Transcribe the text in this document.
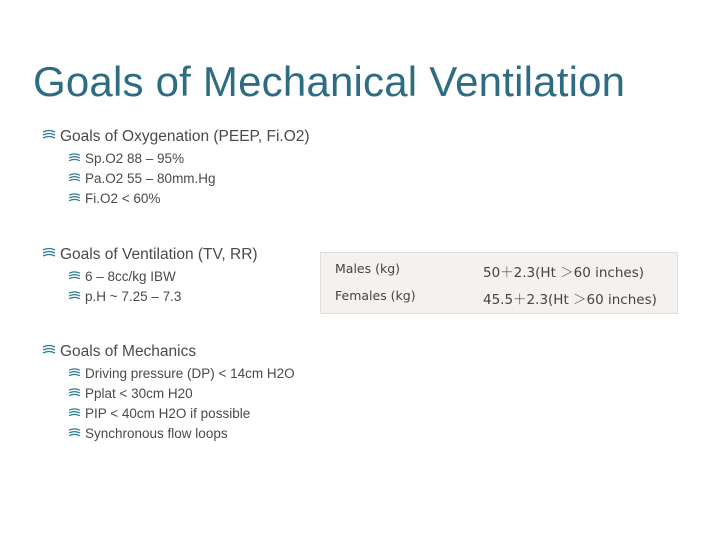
Goals of Mechanical Ventilation
Goals of Oxygenation (PEEP, Fi.O2)
Sp.O2 88 – 95%
Pa.O2 55 – 80mm.Hg
Fi.O2 < 60%
Goals of Ventilation (TV, RR)
6 – 8cc/kg IBW
p.H ~ 7.25 – 7.3
Males (kg)	50＋2.3(Ht ＞60 inches)
Females (kg)	45.5＋2.3(Ht ＞60 inches)
Goals of Mechanics
Driving pressure (DP) < 14cm H2O
Pplat < 30cm H20
PIP < 40cm H2O if possible
Synchronous flow loops
